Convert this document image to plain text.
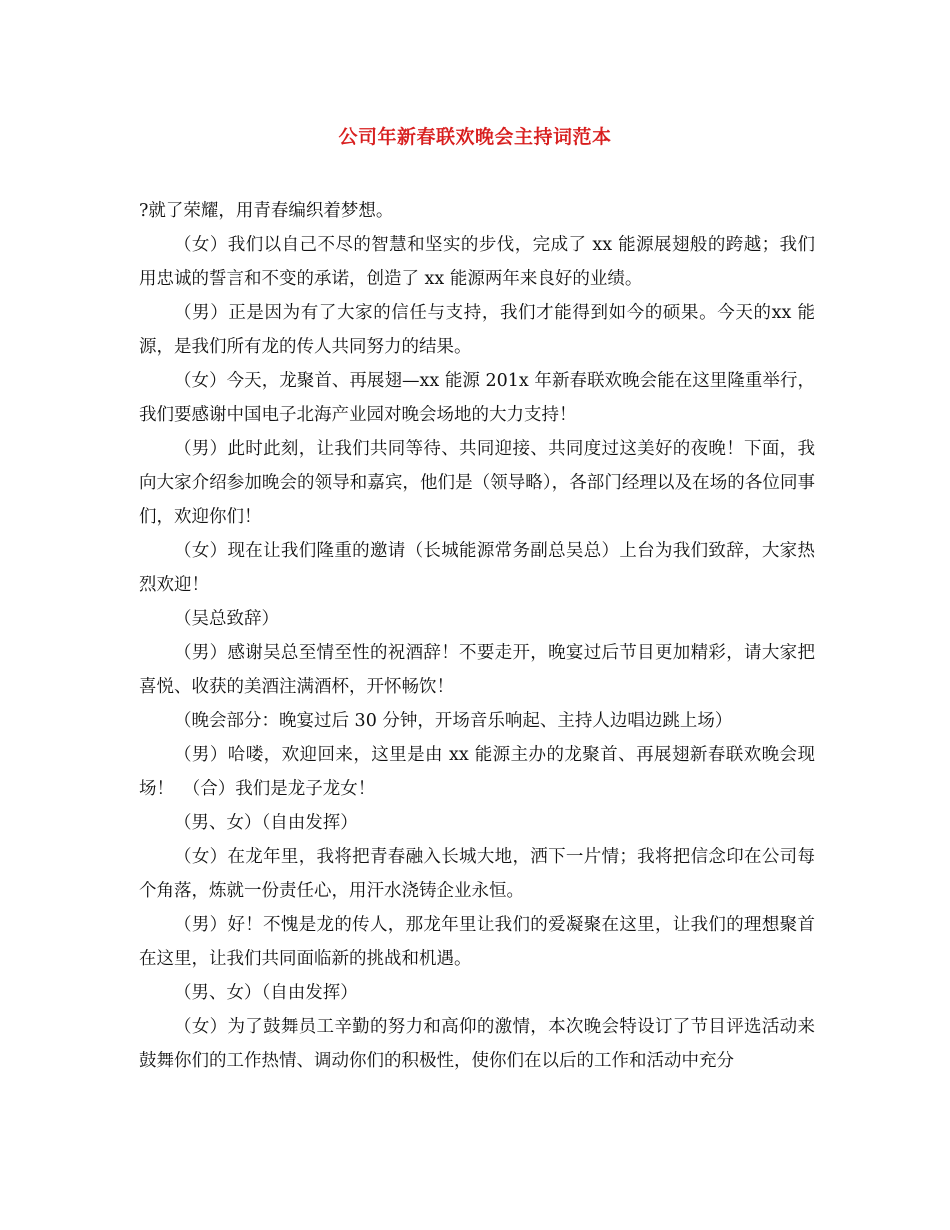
公司年新春联欢晚会主持词范本

?就了荣耀，用青春编织着梦想。

（女）我们以自己不尽的智慧和坚实的步伐，完成了 xx 能源展翅般的跨越；我们用忠诚的誓言和不变的承诺，创造了 xx 能源两年来良好的业绩。

（男）正是因为有了大家的信任与支持，我们才能得到如今的硕果。今天的xx 能源，是我们所有龙的传人共同努力的结果。

（女）今天，龙聚首、再展翅—xx 能源 201x 年新春联欢晚会能在这里隆重举行，我们要感谢中国电子北海产业园对晚会场地的大力支持！

（男）此时此刻，让我们共同等待、共同迎接、共同度过这美好的夜晚！下面，我向大家介绍参加晚会的领导和嘉宾，他们是（领导略），各部门经理以及在场的各位同事们，欢迎你们！

（女）现在让我们隆重的邀请（长城能源常务副总吴总）上台为我们致辞，大家热烈欢迎！

（吴总致辞）

（男）感谢吴总至情至性的祝酒辞！不要走开，晚宴过后节目更加精彩，请大家把喜悦、收获的美酒注满酒杯，开怀畅饮！

（晚会部分：晚宴过后 30 分钟，开场音乐响起、主持人边唱边跳上场）

（男）哈喽，欢迎回来，这里是由 xx 能源主办的龙聚首、再展翅新春联欢晚会现场！　（合）我们是龙子龙女！

（男、女）（自由发挥）

（女）在龙年里，我将把青春融入长城大地，洒下一片情；我将把信念印在公司每个角落，炼就一份责任心，用汗水浇铸企业永恒。

（男）好！不愧是龙的传人，那龙年里让我们的爱凝聚在这里，让我们的理想聚首在这里，让我们共同面临新的挑战和机遇。

（男、女）（自由发挥）

（女）为了鼓舞员工辛勤的努力和高仰的激情，本次晚会特设订了节目评选活动来鼓舞你们的工作热情、调动你们的积极性，使你们在以后的工作和活动中充分
